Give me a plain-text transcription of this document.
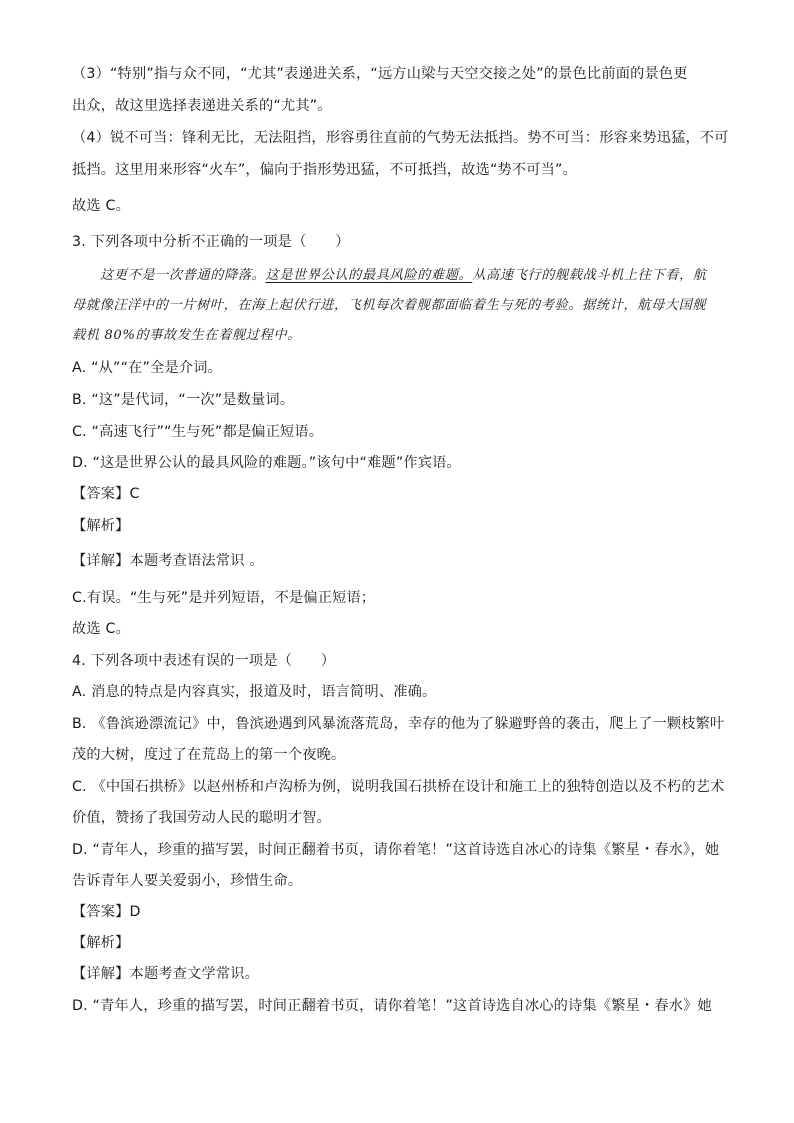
（3）“特别”指与众不同，“尤其”表递进关系，“远方山梁与天空交接之处”的景色比前面的景色更
出众，故这里选择表递进关系的“尤其”。
（4）锐不可当：锋利无比，无法阻挡，形容勇往直前的气势无法抵挡。势不可当：形容来势迅猛，不可
抵挡。这里用来形容“火车”，偏向于指形势迅猛，不可抵挡，故选“势不可当”。
故选 C。
3. 下列各项中分析不正确的一项是（　　）
这更不是一次普通的降落。这是世界公认的最具风险的难题。从高速飞行的舰载战斗机上往下看，航
母就像汪洋中的一片树叶，在海上起伏行进，飞机每次着舰都面临着生与死的考验。据统计，航母大国舰
载机 80%的事故发生在着舰过程中。
A. “从”“在”全是介词。
B. “这”是代词，“一次”是数量词。
C. “高速飞行”“生与死”都是偏正短语。
D. “这是世界公认的最具风险的难题。”该句中“难题”作宾语。
【答案】C
【解析】
【详解】本题考查语法常识 。
C.有误。“生与死”是并列短语，不是偏正短语；
故选 C。
4. 下列各项中表述有误的一项是（　　）
A. 消息的特点是内容真实，报道及时，语言简明、准确。
B. 《鲁滨逊漂流记》中，鲁滨逊遇到风暴流落荒岛，幸存的他为了躲避野兽的袭击，爬上了一颗枝繁叶
茂的大树，度过了在荒岛上的第一个夜晚。
C. 《中国石拱桥》以赵州桥和卢沟桥为例，说明我国石拱桥在设计和施工上的独特创造以及不朽的艺术
价值，赞扬了我国劳动人民的聪明才智。
D. “青年人，珍重的描写罢，时间正翻着书页，请你着笔！”这首诗选自冰心的诗集《繁星・春水》，她
告诉青年人要关爱弱小，珍惜生命。
【答案】D
【解析】
【详解】本题考查文学常识。
D. “青年人，珍重的描写罢，时间正翻着书页，请你着笔！”这首诗选自冰心的诗集《繁星・春水》她
